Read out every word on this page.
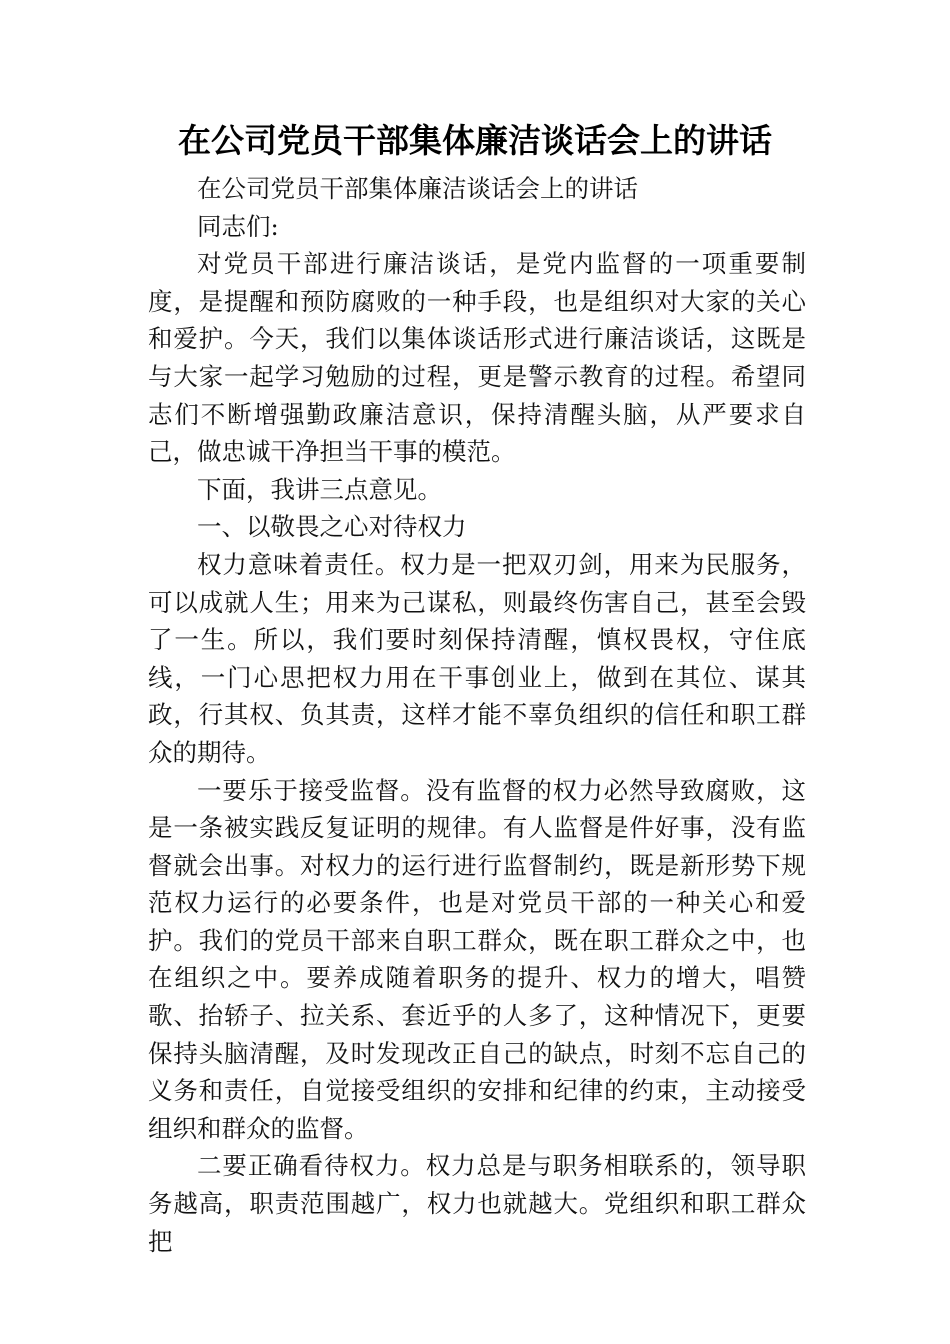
在公司党员干部集体廉洁谈话会上的讲话

在公司党员干部集体廉洁谈话会上的讲话

同志们:

对党员干部进行廉洁谈话，是党内监督的一项重要制度，是提醒和预防腐败的一种手段，也是组织对大家的关心和爱护。今天，我们以集体谈话形式进行廉洁谈话，这既是与大家一起学习勉励的过程，更是警示教育的过程。希望同志们不断增强勤政廉洁意识，保持清醒头脑，从严要求自己，做忠诚干净担当干事的模范。

下面，我讲三点意见。

一、以敬畏之心对待权力

权力意味着责任。权力是一把双刃剑，用来为民服务，可以成就人生；用来为己谋私，则最终伤害自己，甚至会毁了一生。所以，我们要时刻保持清醒，慎权畏权，守住底线，一门心思把权力用在干事创业上，做到在其位、谋其政，行其权、负其责，这样才能不辜负组织的信任和职工群众的期待。

一要乐于接受监督。没有监督的权力必然导致腐败，这是一条被实践反复证明的规律。有人监督是件好事，没有监督就会出事。对权力的运行进行监督制约，既是新形势下规范权力运行的必要条件，也是对党员干部的一种关心和爱护。我们的党员干部来自职工群众，既在职工群众之中，也在组织之中。要养成随着职务的提升、权力的增大，唱赞歌、抬轿子、拉关系、套近乎的人多了，这种情况下，更要保持头脑清醒，及时发现改正自己的缺点，时刻不忘自己的义务和责任，自觉接受组织的安排和纪律的约束，主动接受组织和群众的监督。

二要正确看待权力。权力总是与职务相联系的，领导职务越高，职责范围越广，权力也就越大。党组织和职工群众把
